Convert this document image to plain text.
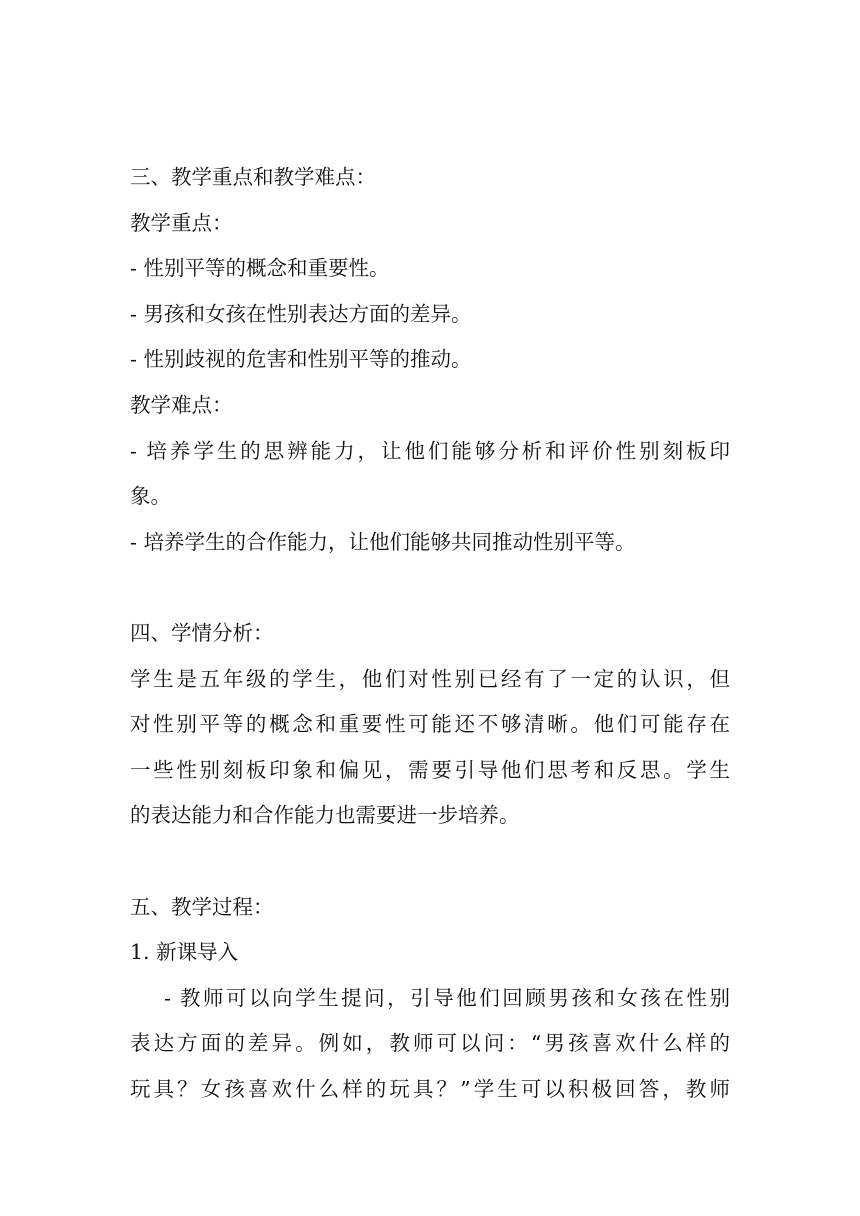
三、教学重点和教学难点：
教学重点：
- 性别平等的概念和重要性。
- 男孩和女孩在性别表达方面的差异。
- 性别歧视的危害和性别平等的推动。
教学难点：
- 培养学生的思辨能力，让他们能够分析和评价性别刻板印
象。
- 培养学生的合作能力，让他们能够共同推动性别平等。
四、学情分析：
学生是五年级的学生，他们对性别已经有了一定的认识，但
对性别平等的概念和重要性可能还不够清晰。他们可能存在
一些性别刻板印象和偏见，需要引导他们思考和反思。学生
的表达能力和合作能力也需要进一步培养。
五、教学过程：
1. 新课导入
- 教师可以向学生提问，引导他们回顾男孩和女孩在性别
表达方面的差异。例如，教师可以问：“男孩喜欢什么样的
玩具？女孩喜欢什么样的玩具？”学生可以积极回答，教师
